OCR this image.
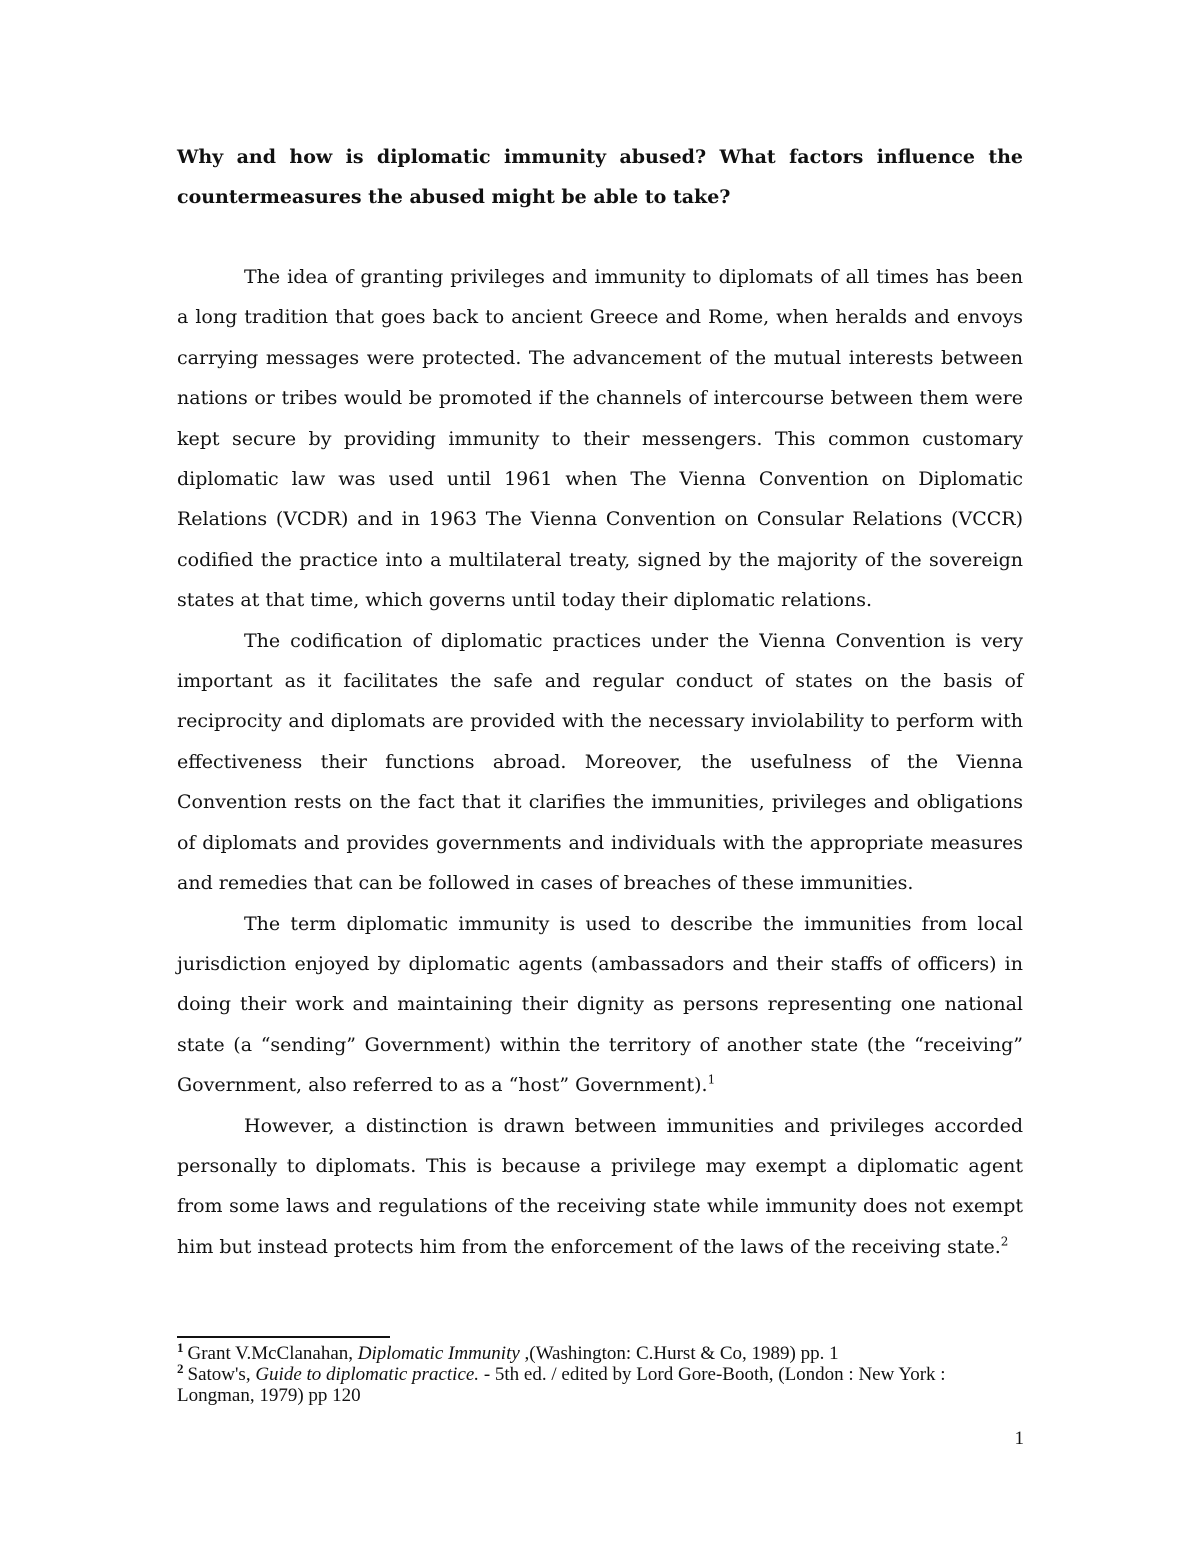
Why and how is diplomatic immunity abused? What factors influence the countermeasures the abused might be able to take?

The idea of granting privileges and immunity to diplomats of all times has been a long tradition that goes back to ancient Greece and Rome, when heralds and envoys carrying messages were protected. The advancement of the mutual interests between nations or tribes would be promoted if the channels of intercourse between them were kept secure by providing immunity to their messengers. This common customary diplomatic law was used until 1961 when The Vienna Convention on Diplomatic Relations (VCDR) and in 1963 The Vienna Convention on Consular Relations (VCCR) codified the practice into a multilateral treaty, signed by the majority of the sovereign states at that time, which governs until today their diplomatic relations.

The codification of diplomatic practices under the Vienna Convention is very important as it facilitates the safe and regular conduct of states on the basis of reciprocity and diplomats are provided with the necessary inviolability to perform with effectiveness their functions abroad. Moreover, the usefulness of the Vienna Convention rests on the fact that it clarifies the immunities, privileges and obligations of diplomats and provides governments and individuals with the appropriate measures and remedies that can be followed in cases of breaches of these immunities.

The term diplomatic immunity is used to describe the immunities from local jurisdiction enjoyed by diplomatic agents (ambassadors and their staffs of officers) in doing their work and maintaining their dignity as persons representing one national state (a “sending” Government) within the territory of another state (the “receiving” Government, also referred to as a “host” Government).$^1$

However, a distinction is drawn between immunities and privileges accorded personally to diplomats. This is because a privilege may exempt a diplomatic agent from some laws and regulations of the receiving state while immunity does not exempt him but instead protects him from the enforcement of the laws of the receiving state.$^2$

$^1$ Grant V.McClanahan, Diplomatic Immunity ,(Washington: C.Hurst & Co, 1989) pp. 1

$^2$ Satow's, Guide to diplomatic practice. - 5th ed. / edited by Lord Gore-Booth, (London : New York : Longman, 1979) pp 120

1
